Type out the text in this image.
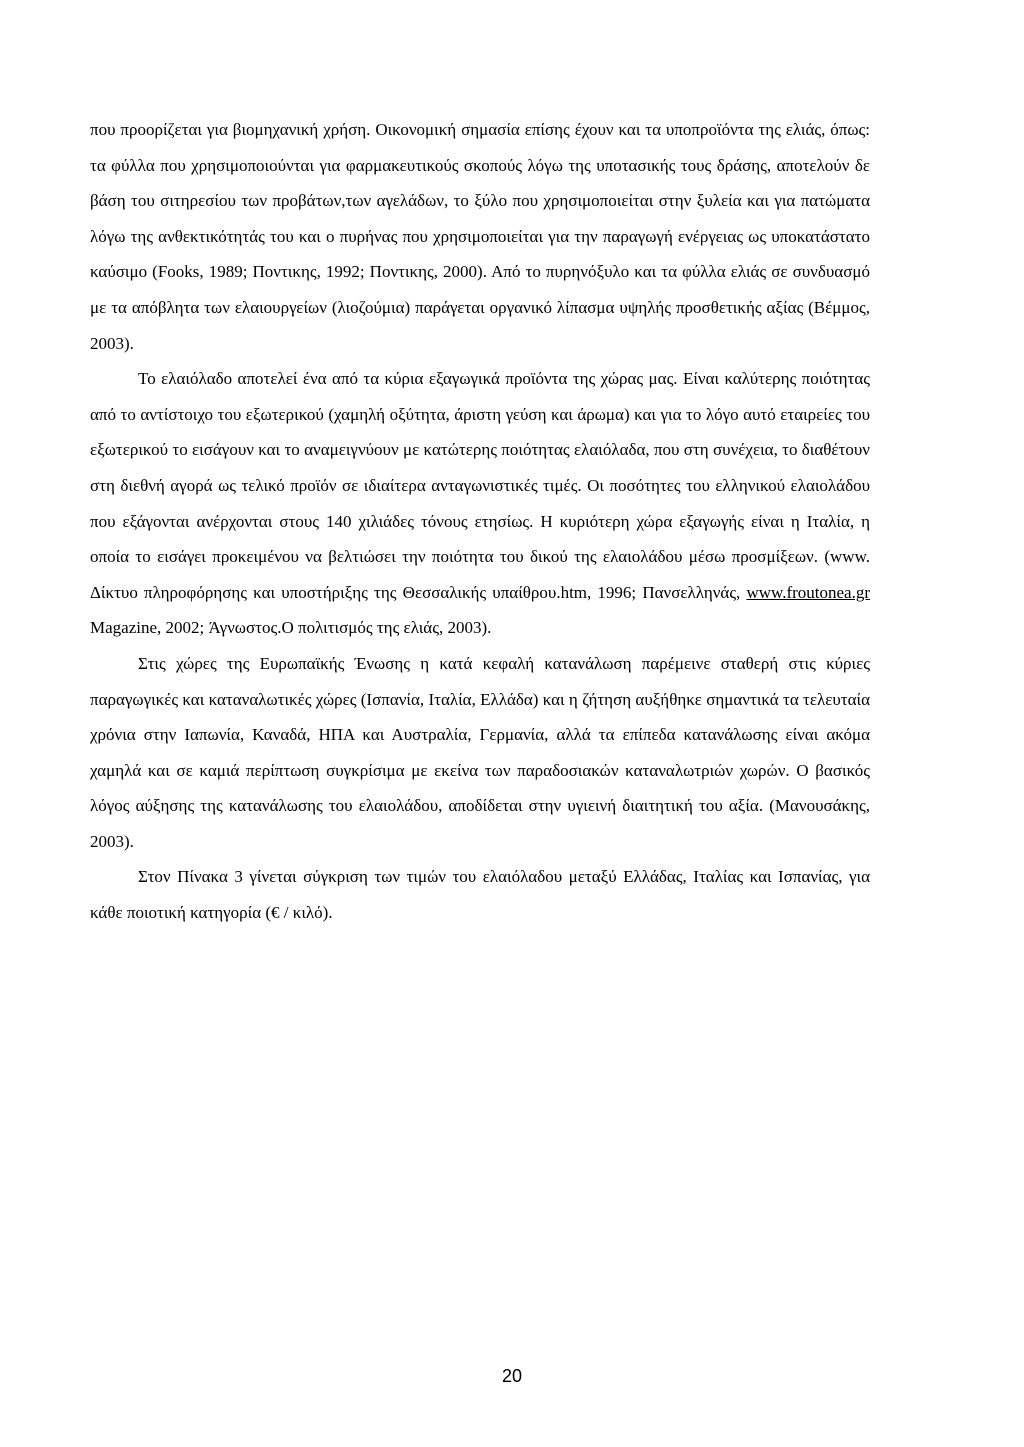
που προορίζεται για βιομηχανική χρήση. Οικονομική σημασία επίσης έχουν και τα υποπροϊόντα της ελιάς, όπως: τα φύλλα που χρησιμοποιούνται για φαρμακευτικούς σκοπούς λόγω της υποτασικής τους δράσης, αποτελούν δε βάση του σιτηρεσίου των προβάτων,των αγελάδων, το ξύλο που χρησιμοποιείται στην ξυλεία και για πατώματα λόγω της ανθεκτικότητάς του και ο πυρήνας που χρησιμοποιείται για την παραγωγή ενέργειας ως υποκατάστατο καύσιμο (Fooks, 1989; Ποντικης, 1992; Ποντικης, 2000). Από το πυρηνόξυλο και τα φύλλα ελιάς σε συνδυασμό με τα απόβλητα των ελαιουργείων (λιοζούμια) παράγεται οργανικό λίπασμα υψηλής προσθετικής αξίας (Βέμμος, 2003).

Το ελαιόλαδο αποτελεί ένα από τα κύρια εξαγωγικά προϊόντα της χώρας μας. Είναι καλύτερης ποιότητας από το αντίστοιχο του εξωτερικού (χαμηλή οξύτητα, άριστη γεύση και άρωμα) και για το λόγο αυτό εταιρείες του εξωτερικού το εισάγουν και το αναμειγνύουν με κατώτερης ποιότητας ελαιόλαδα, που στη συνέχεια, το διαθέτουν στη διεθνή αγορά ως τελικό προϊόν σε ιδιαίτερα ανταγωνιστικές τιμές. Οι ποσότητες του ελληνικού ελαιολάδου που εξάγονται ανέρχονται στους 140 χιλιάδες τόνους ετησίως. Η κυριότερη χώρα εξαγωγής είναι η Ιταλία, η οποία το εισάγει προκειμένου να βελτιώσει την ποιότητα του δικού της ελαιολάδου μέσω προσμίξεων. (www. Δίκτυο πληροφόρησης και υποστήριξης της Θεσσαλικής υπαίθρου.htm, 1996; Πανσελληνάς, www.froutonea.gr Magazine, 2002; Άγνωστος.Ο πολιτισμός της ελιάς, 2003).

Στις χώρες της Ευρωπαϊκής Ένωσης η κατά κεφαλή κατανάλωση παρέμεινε σταθερή στις κύριες παραγωγικές και καταναλωτικές χώρες (Ισπανία, Ιταλία, Ελλάδα) και η ζήτηση αυξήθηκε σημαντικά τα τελευταία χρόνια στην Ιαπωνία, Καναδά, ΗΠΑ και Αυστραλία, Γερμανία, αλλά τα επίπεδα κατανάλωσης είναι ακόμα χαμηλά και σε καμιά περίπτωση συγκρίσιμα με εκείνα των παραδοσιακών καταναλωτριών χωρών. Ο βασικός λόγος αύξησης της κατανάλωσης του ελαιολάδου, αποδίδεται στην υγιεινή διαιτητική του αξία. (Μανουσάκης, 2003).

Στον Πίνακα 3 γίνεται σύγκριση των τιμών του ελαιόλαδου μεταξύ Ελλάδας, Ιταλίας και Ισπανίας, για κάθε ποιοτική κατηγορία (€ / κιλό).

20
